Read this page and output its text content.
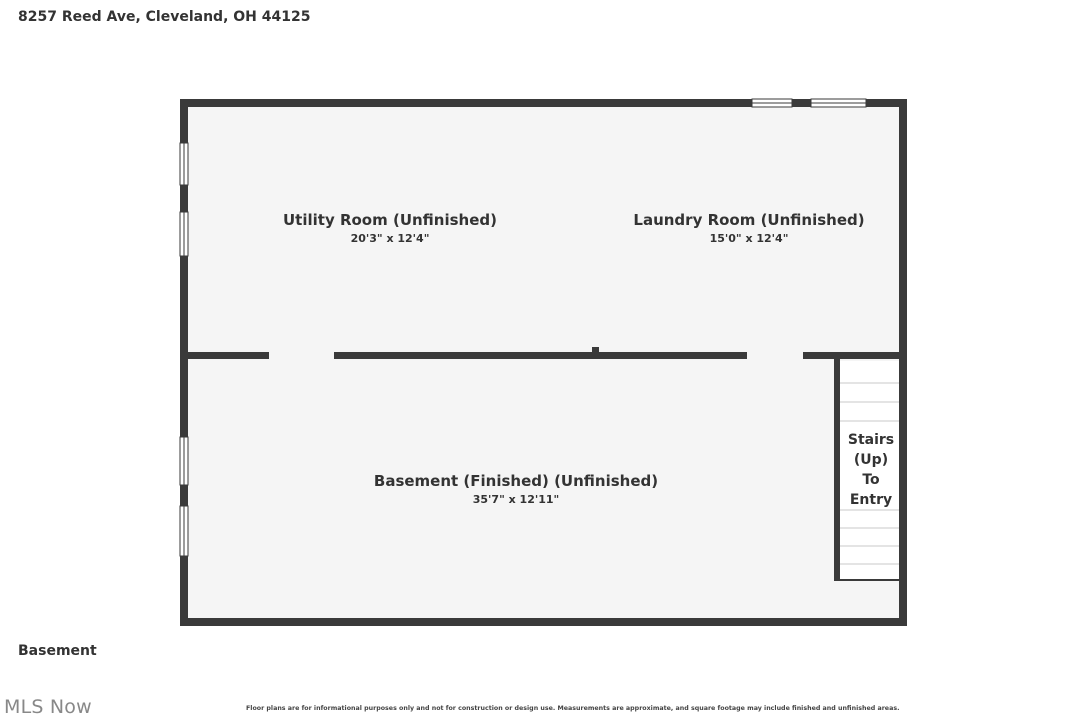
8257 Reed Ave, Cleveland, OH 44125
Stairs
(Up)
To
Entry
Utility Room (Unfinished)
20'3" x 12'4"
Laundry Room (Unfinished)
15'0" x 12'4"
Basement (Finished) (Unfinished)
35'7" x 12'11"
Basement
MLS Now	Floor plans are for informational purposes only and not for construction or design use. Measurements are approximate, and square footage may include finished and unfinished areas.
